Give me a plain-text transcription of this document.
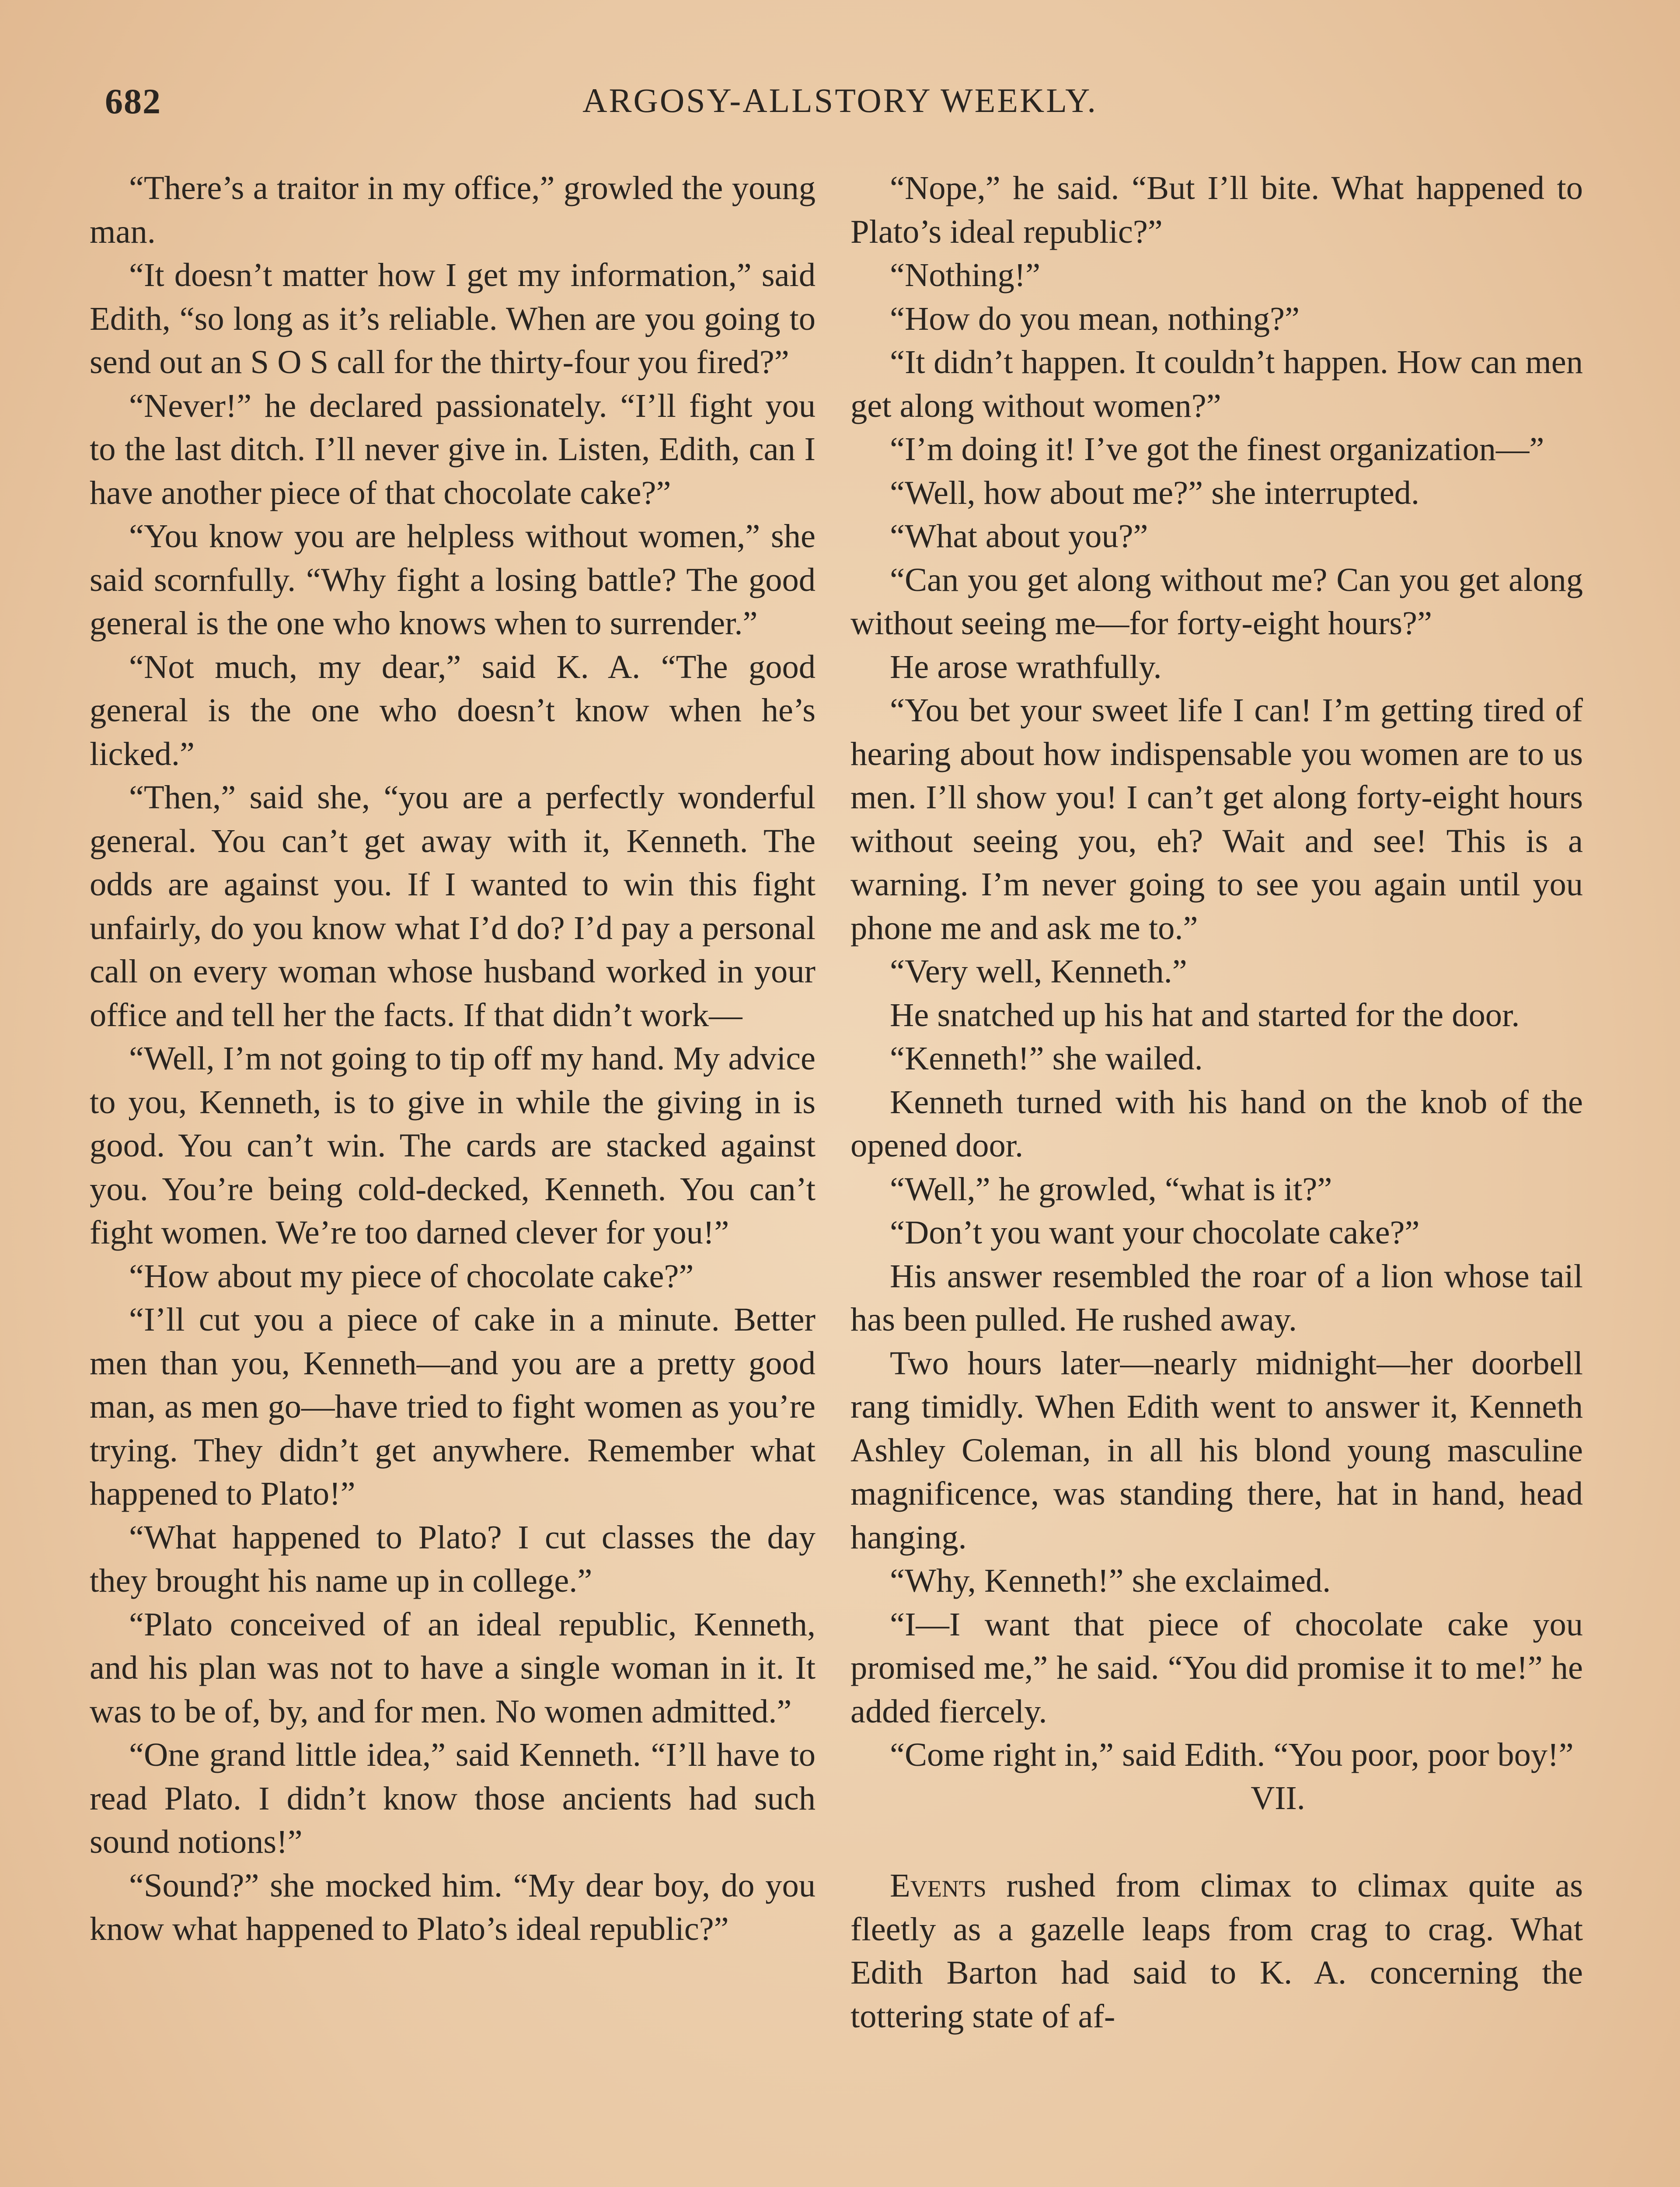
682	ARGOSY-ALLSTORY WEEKLY.

“There’s a traitor in my office,” growled the young man.

“It doesn’t matter how I get my information,” said Edith, “so long as it’s reliable. When are you going to send out an S O S call for the thirty-four you fired?”

“Never!” he declared passionately. “I’ll fight you to the last ditch. I’ll never give in. Listen, Edith, can I have another piece of that chocolate cake?”

“You know you are helpless without women,” she said scornfully. “Why fight a losing battle? The good general is the one who knows when to surrender.”

“Not much, my dear,” said K. A. “The good general is the one who doesn’t know when he’s licked.”

“Then,” said she, “you are a perfectly wonderful general. You can’t get away with it, Kenneth. The odds are against you. If I wanted to win this fight unfairly, do you know what I’d do? I’d pay a personal call on every woman whose husband worked in your office and tell her the facts. If that didn’t work—

“Well, I’m not going to tip off my hand. My advice to you, Kenneth, is to give in while the giving in is good. You can’t win. The cards are stacked against you. You’re being cold-decked, Kenneth. You can’t fight women. We’re too darned clever for you!”

“How about my piece of chocolate cake?”

“I’ll cut you a piece of cake in a minute. Better men than you, Kenneth—and you are a pretty good man, as men go—have tried to fight women as you’re trying. They didn’t get anywhere. Remember what happened to Plato!”

“What happened to Plato? I cut classes the day they brought his name up in college.”

“Plato conceived of an ideal republic, Kenneth, and his plan was not to have a single woman in it. It was to be of, by, and for men. No women admitted.”

“One grand little idea,” said Kenneth. “I’ll have to read Plato. I didn’t know those ancients had such sound notions!”

“Sound?” she mocked him. “My dear boy, do you know what happened to Plato’s ideal republic?”

“Nope,” he said. “But I’ll bite. What happened to Plato’s ideal republic?”

“Nothing!”

“How do you mean, nothing?”

“It didn’t happen. It couldn’t happen. How can men get along without women?”

“I’m doing it! I’ve got the finest organization—”

“Well, how about me?” she interrupted.

“What about you?”

“Can you get along without me? Can you get along without seeing me—for forty-eight hours?”

He arose wrathfully.

“You bet your sweet life I can! I’m getting tired of hearing about how indispensable you women are to us men. I’ll show you! I can’t get along forty-eight hours without seeing you, eh? Wait and see! This is a warning. I’m never going to see you again until you phone me and ask me to.”

“Very well, Kenneth.”

He snatched up his hat and started for the door.

“Kenneth!” she wailed.

Kenneth turned with his hand on the knob of the opened door.

“Well,” he growled, “what is it?”

“Don’t you want your chocolate cake?”

His answer resembled the roar of a lion whose tail has been pulled. He rushed away.

Two hours later—nearly midnight—her doorbell rang timidly. When Edith went to answer it, Kenneth Ashley Coleman, in all his blond young masculine magnificence, was standing there, hat in hand, head hanging.

“Why, Kenneth!” she exclaimed.

“I—I want that piece of chocolate cake you promised me,” he said. “You did promise it to me!” he added fiercely.

“Come right in,” said Edith. “You poor, poor boy!”

VII.

Events rushed from climax to climax quite as fleetly as a gazelle leaps from crag to crag. What Edith Barton had said to K. A. concerning the tottering state of af-
